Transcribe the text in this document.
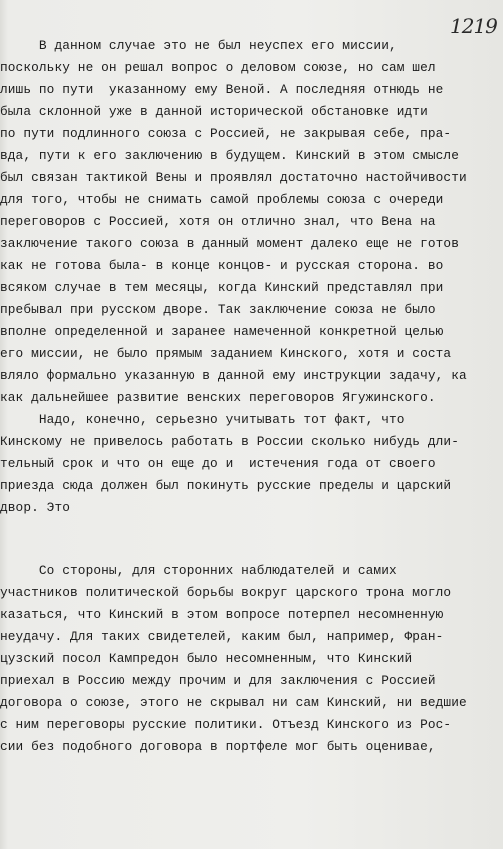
1219
В данном случае это не был неуспех его миссии,
поскольку не он решал вопрос о деловом союзе, но сам шел
лишь по пути  указанному ему Веной. А последняя отнюдь не
была склонной уже в данной исторической обстановке идти
по пути подлинного союза с Россией, не закрывая себе, пра-
вда, пути к его заключению в будущем. Кинский в этом смысле
был связан тактикой Вены и проявлял достаточно настойчивости
для того, чтобы не снимать самой проблемы союза с очереди
переговоров с Россией, хотя он отлично знал, что Вена на
заключение такого союза в данный момент далеко еще не готов
как не готова была- в конце концов- и русская сторона. во
всяком случае в тем месяцы, когда Кинский представлял при
пребывал при русском дворе. Так заключение союза не было
вполне определенной и заранее намеченной конкретной целью
его миссии, не было прямым заданием Кинского, хотя и соста
вляло формально указанную в данной ему инструкции задачу, ка
как дальнейшее развитие венских переговоров Ягужинского.
Надо, конечно, серьезно учитывать тот факт, что
Кинскому не привелось работать в России сколько нибудь дли-
тельный срок и что он еще до и  истечения года от своего
приезда сюда должен был покинуть русские пределы и царский
двор. Это
Со стороны, для сторонних наблюдателей и самих
участников политической борьбы вокруг царского трона могло
казаться, что Кинский в этом вопросе потерпел несомненную
неудачу. Для таких свидетелей, каким был, например, Фран-
цузский посол Кампредон было несомненным, что Кинский
приехал в Россию между прочим и для заключения с Россией
договора о союзе, этого не скрывал ни сам Кинский, ни ведшие
с ним переговоры русские политики. Отъезд Кинского из Рос-
сии без подобного договора в портфеле мог быть оценивае,
